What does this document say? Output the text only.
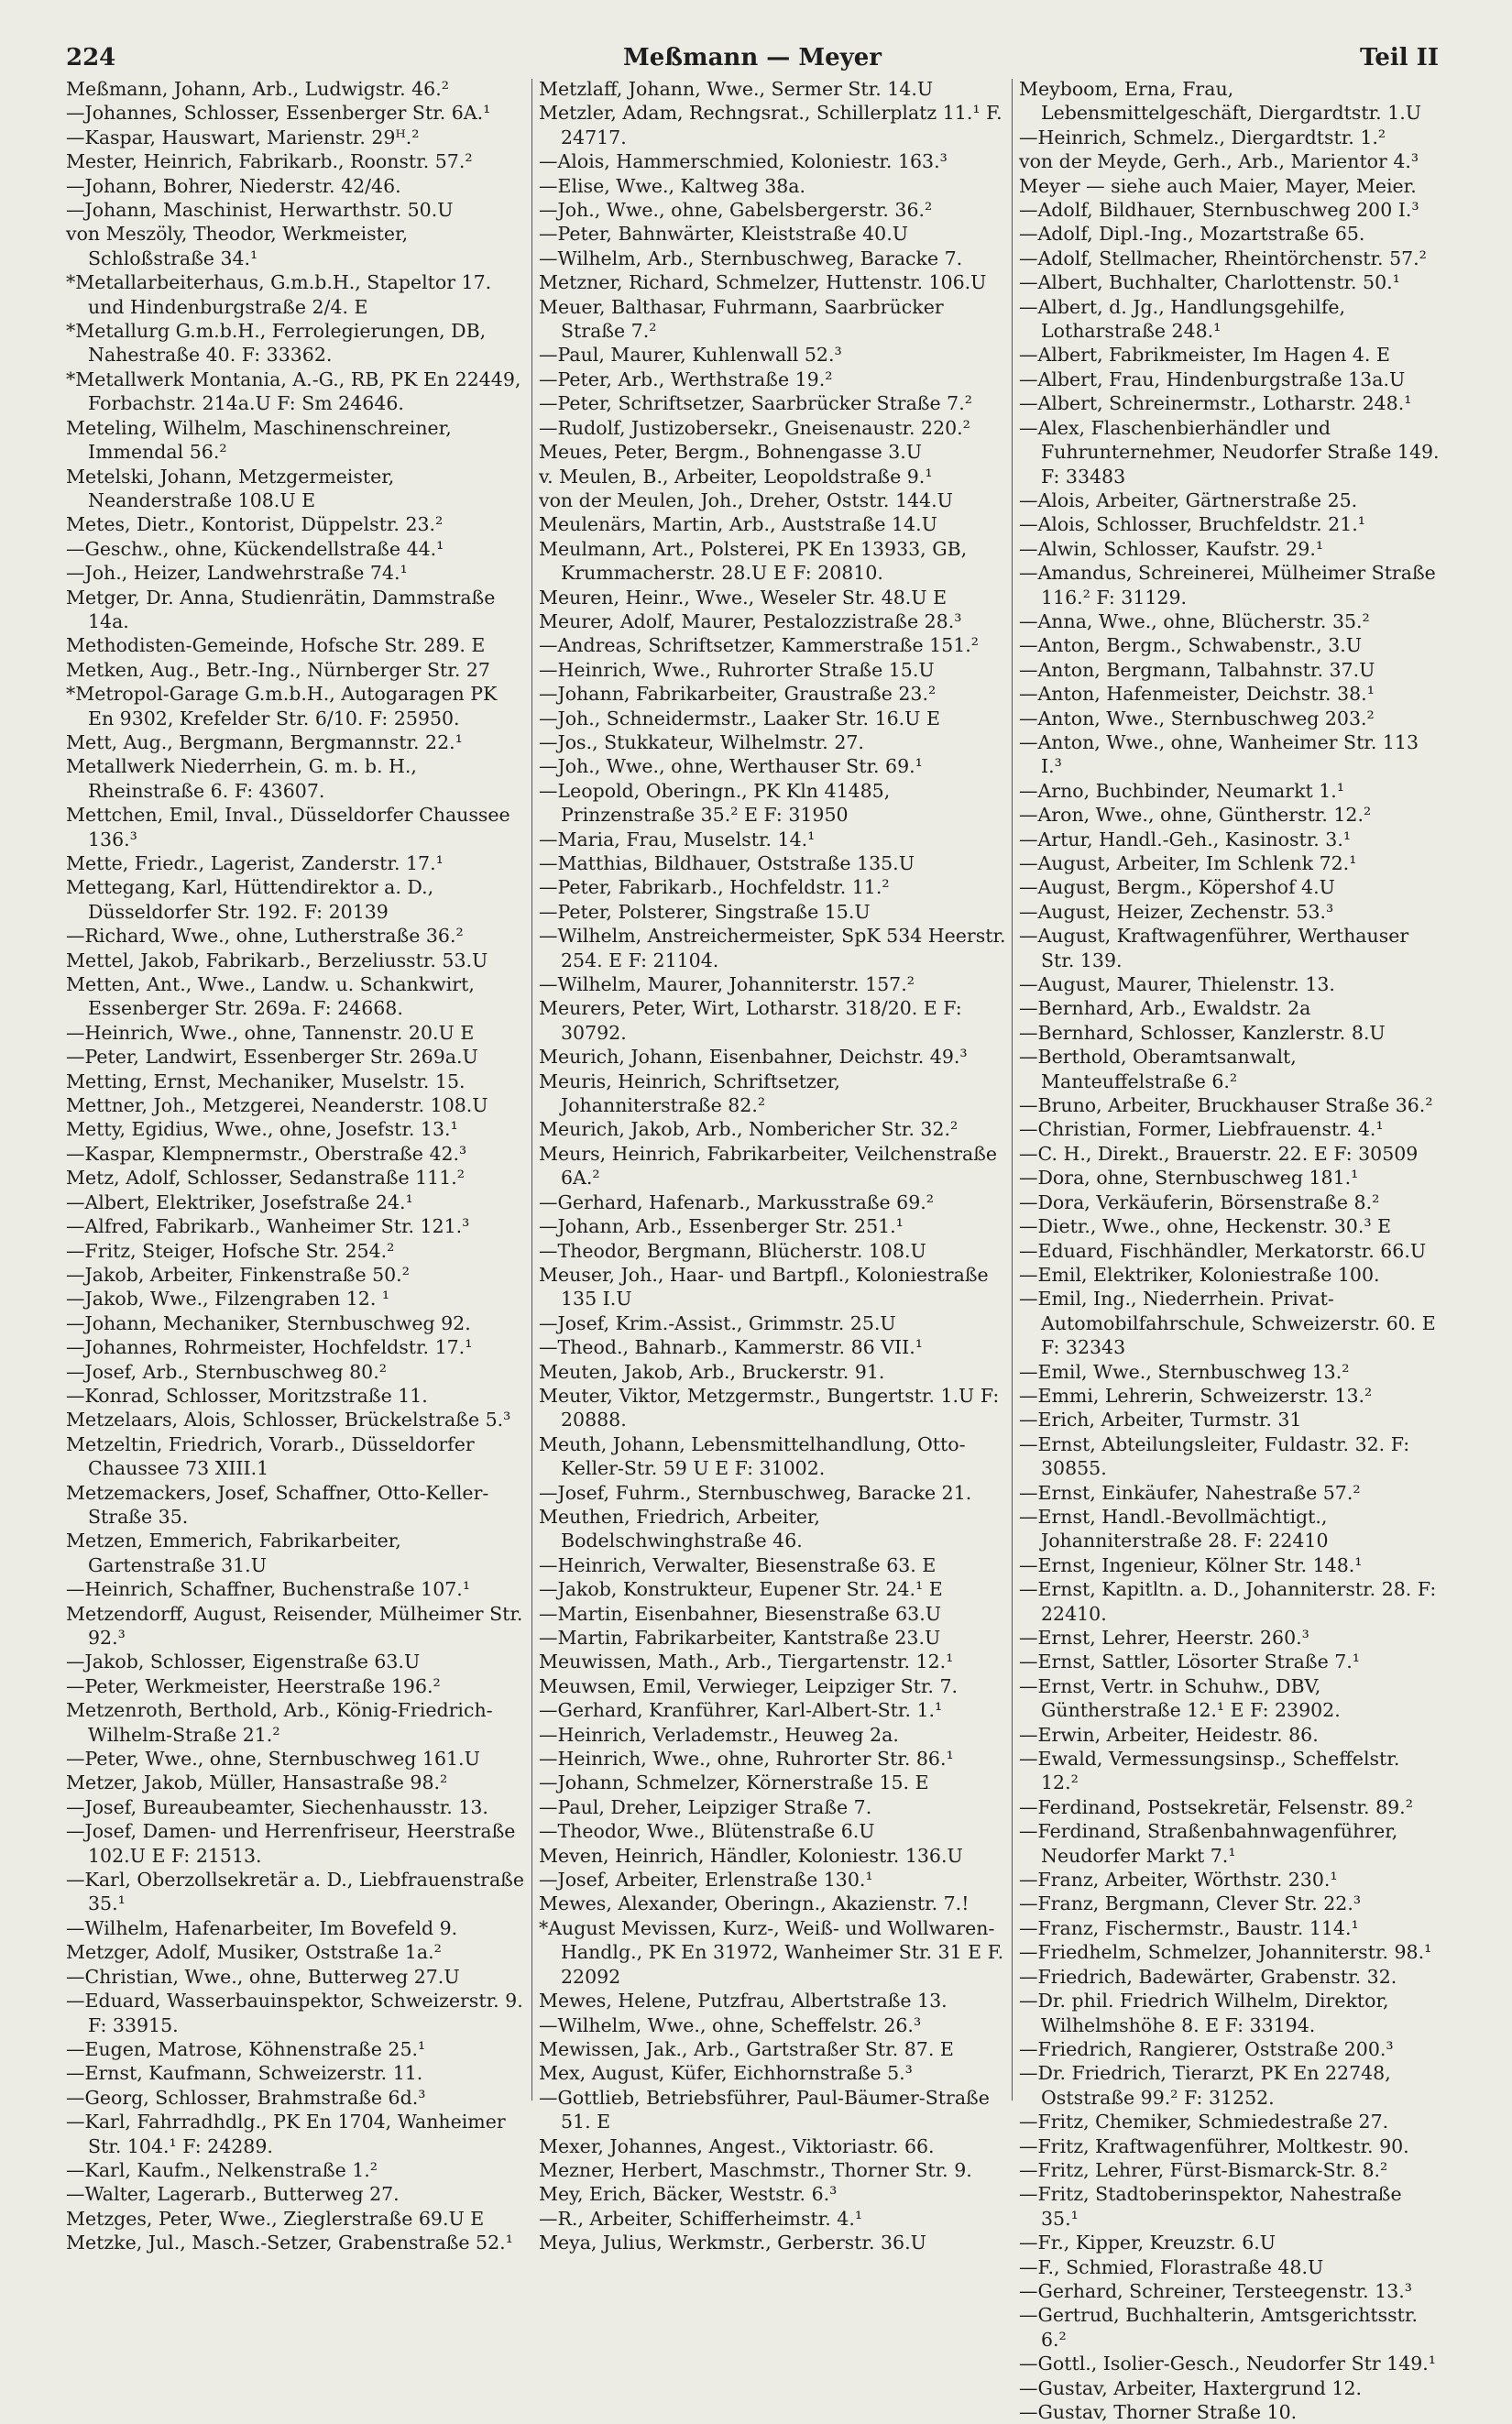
224	Meßmann — Meyer	Teil II
Meßmann, Johann, Arb., Ludwigstr. 46.²
—Johannes, Schlosser, Essenberger Str. 6A.¹
—Kaspar, Hauswart, Marienstr. 29ᴴ.²
Mester, Heinrich, Fabrikarb., Roonstr. 57.²
—Johann, Bohrer, Niederstr. 42/46.
—Johann, Maschinist, Herwarthstr. 50.U
von Meszöly, Theodor, Werkmeister, Schloßstraße 34.¹
*Metallarbeiterhaus, G.m.b.H., Stapeltor 17. und Hindenburgstraße 2/4. E
*Metallurg G.m.b.H., Ferrolegierungen, DB, Nahestraße 40. F: 33362.
*Metallwerk Montania, A.-G., RB, PK En 22449, Forbachstr. 214a.U F: Sm 24646.
Meteling, Wilhelm, Maschinenschreiner, Immendal 56.²
Metelski, Johann, Metzgermeister, Neanderstraße 108.U E
Metes, Dietr., Kontorist, Düppelstr. 23.²
—Geschw., ohne, Kückendellstraße 44.¹
—Joh., Heizer, Landwehrstraße 74.¹
Metger, Dr. Anna, Studienrätin, Dammstraße 14a.
Methodisten-Gemeinde, Hofsche Str. 289. E
Metken, Aug., Betr.-Ing., Nürnberger Str. 27
*Metropol-Garage G.m.b.H., Autogaragen PK En 9302, Krefelder Str. 6/10. F: 25950.
Mett, Aug., Bergmann, Bergmannstr. 22.¹
Metallwerk Niederrhein, G. m. b. H., Rheinstraße 6. F: 43607.
Mettchen, Emil, Inval., Düsseldorfer Chaussee 136.³
Mette, Friedr., Lagerist, Zanderstr. 17.¹
Mettegang, Karl, Hüttendirektor a. D., Düsseldorfer Str. 192. F: 20139
—Richard, Wwe., ohne, Lutherstraße 36.²
Mettel, Jakob, Fabrikarb., Berzeliusstr. 53.U
Metten, Ant., Wwe., Landw. u. Schankwirt, Essenberger Str. 269a. F: 24668.
—Heinrich, Wwe., ohne, Tannenstr. 20.U E
—Peter, Landwirt, Essenberger Str. 269a.U
Metting, Ernst, Mechaniker, Muselstr. 15.
Mettner, Joh., Metzgerei, Neanderstr. 108.U
Metty, Egidius, Wwe., ohne, Josefstr. 13.¹
—Kaspar, Klempnermstr., Oberstraße 42.³
Metz, Adolf, Schlosser, Sedanstraße 111.²
—Albert, Elektriker, Josefstraße 24.¹
—Alfred, Fabrikarb., Wanheimer Str. 121.³
—Fritz, Steiger, Hofsche Str. 254.²
—Jakob, Arbeiter, Finkenstraße 50.²
—Jakob, Wwe., Filzengraben 12. ¹
—Johann, Mechaniker, Sternbuschweg 92.
—Johannes, Rohrmeister, Hochfeldstr. 17.¹
—Josef, Arb., Sternbuschweg 80.²
—Konrad, Schlosser, Moritzstraße 11.
Metzelaars, Alois, Schlosser, Brückelstraße 5.³
Metzeltin, Friedrich, Vorarb., Düsseldorfer Chaussee 73 XIII.1
Metzemackers, Josef, Schaffner, Otto-Keller-Straße 35.
Metzen, Emmerich, Fabrikarbeiter, Gartenstraße 31.U
—Heinrich, Schaffner, Buchenstraße 107.¹
Metzendorff, August, Reisender, Mülheimer Str. 92.³
—Jakob, Schlosser, Eigenstraße 63.U
—Peter, Werkmeister, Heerstraße 196.²
Metzenroth, Berthold, Arb., König-Friedrich-Wilhelm-Straße 21.²
—Peter, Wwe., ohne, Sternbuschweg 161.U
Metzer, Jakob, Müller, Hansastraße 98.²
—Josef, Bureaubeamter, Siechenhausstr. 13.
—Josef, Damen- und Herrenfriseur, Heerstraße 102.U E F: 21513.
—Karl, Oberzollsekretär a. D., Liebfrauenstraße 35.¹
—Wilhelm, Hafenarbeiter, Im Bovefeld 9.
Metzger, Adolf, Musiker, Oststraße 1a.²
—Christian, Wwe., ohne, Butterweg 27.U
—Eduard, Wasserbauinspektor, Schweizerstr. 9. F: 33915.
—Eugen, Matrose, Köhnenstraße 25.¹
—Ernst, Kaufmann, Schweizerstr. 11.
—Georg, Schlosser, Brahmstraße 6d.³
—Karl, Fahrradhdlg., PK En 1704, Wanheimer Str. 104.¹ F: 24289.
—Karl, Kaufm., Nelkenstraße 1.²
—Walter, Lagerarb., Butterweg 27.
Metzges, Peter, Wwe., Zieglerstraße 69.U E
Metzke, Jul., Masch.-Setzer, Grabenstraße 52.¹
Metzlaff, Johann, Wwe., Sermer Str. 14.U
Metzler, Adam, Rechngsrat., Schillerplatz 11.¹ F. 24717.
—Alois, Hammerschmied, Koloniestr. 163.³
—Elise, Wwe., Kaltweg 38a.
—Joh., Wwe., ohne, Gabelsbergerstr. 36.²
—Peter, Bahnwärter, Kleiststraße 40.U
—Wilhelm, Arb., Sternbuschweg, Baracke 7.
Metzner, Richard, Schmelzer, Huttenstr. 106.U
Meuer, Balthasar, Fuhrmann, Saarbrücker Straße 7.²
—Paul, Maurer, Kuhlenwall 52.³
—Peter, Arb., Werthstraße 19.²
—Peter, Schriftsetzer, Saarbrücker Straße 7.²
—Rudolf, Justizobersekr., Gneisenaustr. 220.²
Meues, Peter, Bergm., Bohnengasse 3.U
v. Meulen, B., Arbeiter, Leopoldstraße 9.¹
von der Meulen, Joh., Dreher, Oststr. 144.U
Meulenärs, Martin, Arb., Auststraße 14.U
Meulmann, Art., Polsterei, PK En 13933, GB, Krummacherstr. 28.U E F: 20810.
Meuren, Heinr., Wwe., Weseler Str. 48.U E
Meurer, Adolf, Maurer, Pestalozzistraße 28.³
—Andreas, Schriftsetzer, Kammerstraße 151.²
—Heinrich, Wwe., Ruhrorter Straße 15.U
—Johann, Fabrikarbeiter, Graustraße 23.²
—Joh., Schneidermstr., Laaker Str. 16.U E
—Jos., Stukkateur, Wilhelmstr. 27.
—Joh., Wwe., ohne, Werthauser Str. 69.¹
—Leopold, Oberingn., PK Kln 41485, Prinzenstraße 35.² E F: 31950
—Maria, Frau, Muselstr. 14.¹
—Matthias, Bildhauer, Oststraße 135.U
—Peter, Fabrikarb., Hochfeldstr. 11.²
—Peter, Polsterer, Singstraße 15.U
—Wilhelm, Anstreichermeister, SpK 534 Heerstr. 254. E F: 21104.
—Wilhelm, Maurer, Johanniterstr. 157.²
Meurers, Peter, Wirt, Lotharstr. 318/20. E F: 30792.
Meurich, Johann, Eisenbahner, Deichstr. 49.³
Meuris, Heinrich, Schriftsetzer, Johanniterstraße 82.²
Meurich, Jakob, Arb., Nombericher Str. 32.²
Meurs, Heinrich, Fabrikarbeiter, Veilchenstraße 6A.²
—Gerhard, Hafenarb., Markusstraße 69.²
—Johann, Arb., Essenberger Str. 251.¹
—Theodor, Bergmann, Blücherstr. 108.U
Meuser, Joh., Haar- und Bartpfl., Koloniestraße 135 I.U
—Josef, Krim.-Assist., Grimmstr. 25.U
—Theod., Bahnarb., Kammerstr. 86 VII.¹
Meuten, Jakob, Arb., Bruckerstr. 91.
Meuter, Viktor, Metzgermstr., Bungertstr. 1.U F: 20888.
Meuth, Johann, Lebensmittelhandlung, Otto-Keller-Str. 59 U E F: 31002.
—Josef, Fuhrm., Sternbuschweg, Baracke 21.
Meuthen, Friedrich, Arbeiter, Bodelschwinghstraße 46.
—Heinrich, Verwalter, Biesenstraße 63. E
—Jakob, Konstrukteur, Eupener Str. 24.¹ E
—Martin, Eisenbahner, Biesenstraße 63.U
—Martin, Fabrikarbeiter, Kantstraße 23.U
Meuwissen, Math., Arb., Tiergartenstr. 12.¹
Meuwsen, Emil, Verwieger, Leipziger Str. 7.
—Gerhard, Kranführer, Karl-Albert-Str. 1.¹
—Heinrich, Verlademstr., Heuweg 2a.
—Heinrich, Wwe., ohne, Ruhrorter Str. 86.¹
—Johann, Schmelzer, Körnerstraße 15. E
—Paul, Dreher, Leipziger Straße 7.
—Theodor, Wwe., Blütenstraße 6.U
Meven, Heinrich, Händler, Koloniestr. 136.U
—Josef, Arbeiter, Erlenstraße 130.¹
Mewes, Alexander, Oberingn., Akazienstr. 7.!
*August Mevissen, Kurz-, Weiß- und Wollwaren-Handlg., PK En 31972, Wanheimer Str. 31 E F. 22092
Mewes, Helene, Putzfrau, Albertstraße 13.
—Wilhelm, Wwe., ohne, Scheffelstr. 26.³
Mewissen, Jak., Arb., Gartstraßer Str. 87. E
Mex, August, Küfer, Eichhornstraße 5.³
—Gottlieb, Betriebsführer, Paul-Bäumer-Straße 51. E
Mexer, Johannes, Angest., Viktoriastr. 66.
Mezner, Herbert, Maschmstr., Thorner Str. 9.
Mey, Erich, Bäcker, Weststr. 6.³
—R., Arbeiter, Schifferheimstr. 4.¹
Meya, Julius, Werkmstr., Gerberstr. 36.U
Meyboom, Erna, Frau, Lebensmittelgeschäft, Diergardtstr. 1.U
—Heinrich, Schmelz., Diergardtstr. 1.²
von der Meyde, Gerh., Arb., Marientor 4.³
Meyer — siehe auch Maier, Mayer, Meier.
—Adolf, Bildhauer, Sternbuschweg 200 I.³
—Adolf, Dipl.-Ing., Mozartstraße 65.
—Adolf, Stellmacher, Rheintörchenstr. 57.²
—Albert, Buchhalter, Charlottenstr. 50.¹
—Albert, d. Jg., Handlungsgehilfe, Lotharstraße 248.¹
—Albert, Fabrikmeister, Im Hagen 4. E
—Albert, Frau, Hindenburgstraße 13a.U
—Albert, Schreinermstr., Lotharstr. 248.¹
—Alex, Flaschenbierhändler und Fuhrunternehmer, Neudorfer Straße 149. F: 33483
—Alois, Arbeiter, Gärtnerstraße 25.
—Alois, Schlosser, Bruchfeldstr. 21.¹
—Alwin, Schlosser, Kaufstr. 29.¹
—Amandus, Schreinerei, Mülheimer Straße 116.² F: 31129.
—Anna, Wwe., ohne, Blücherstr. 35.²
—Anton, Bergm., Schwabenstr., 3.U
—Anton, Bergmann, Talbahnstr. 37.U
—Anton, Hafenmeister, Deichstr. 38.¹
—Anton, Wwe., Sternbuschweg 203.²
—Anton, Wwe., ohne, Wanheimer Str. 113 I.³
—Arno, Buchbinder, Neumarkt 1.¹
—Aron, Wwe., ohne, Güntherstr. 12.²
—Artur, Handl.-Geh., Kasinostr. 3.¹
—August, Arbeiter, Im Schlenk 72.¹
—August, Bergm., Köpershof 4.U
—August, Heizer, Zechenstr. 53.³
—August, Kraftwagenführer, Werthauser Str. 139.
—August, Maurer, Thielenstr. 13.
—Bernhard, Arb., Ewaldstr. 2a
—Bernhard, Schlosser, Kanzlerstr. 8.U
—Berthold, Oberamtsanwalt, Manteuffelstraße 6.²
—Bruno, Arbeiter, Bruckhauser Straße 36.²
—Christian, Former, Liebfrauenstr. 4.¹
—C. H., Direkt., Brauerstr. 22. E F: 30509
—Dora, ohne, Sternbuschweg 181.¹
—Dora, Verkäuferin, Börsenstraße 8.²
—Dietr., Wwe., ohne, Heckenstr. 30.³ E
—Eduard, Fischhändler, Merkatorstr. 66.U
—Emil, Elektriker, Koloniestraße 100.
—Emil, Ing., Niederrhein. Privat-Automobilfahrschule, Schweizerstr. 60. E F: 32343
—Emil, Wwe., Sternbuschweg 13.²
—Emmi, Lehrerin, Schweizerstr. 13.²
—Erich, Arbeiter, Turmstr. 31
—Ernst, Abteilungsleiter, Fuldastr. 32. F: 30855.
—Ernst, Einkäufer, Nahestraße 57.²
—Ernst, Handl.-Bevollmächtigt., Johanniterstraße 28. F: 22410
—Ernst, Ingenieur, Kölner Str. 148.¹
—Ernst, Kapitltn. a. D., Johanniterstr. 28. F: 22410.
—Ernst, Lehrer, Heerstr. 260.³
—Ernst, Sattler, Lösorter Straße 7.¹
—Ernst, Vertr. in Schuhw., DBV, Güntherstraße 12.¹ E F: 23902.
—Erwin, Arbeiter, Heidestr. 86.
—Ewald, Vermessungsinsp., Scheffelstr. 12.²
—Ferdinand, Postsekretär, Felsenstr. 89.²
—Ferdinand, Straßenbahnwagenführer, Neudorfer Markt 7.¹
—Franz, Arbeiter, Wörthstr. 230.¹
—Franz, Bergmann, Clever Str. 22.³
—Franz, Fischermstr., Baustr. 114.¹
—Friedhelm, Schmelzer, Johanniterstr. 98.¹
—Friedrich, Badewärter, Grabenstr. 32.
—Dr. phil. Friedrich Wilhelm, Direktor, Wilhelmshöhe 8. E F: 33194.
—Friedrich, Rangierer, Oststraße 200.³
—Dr. Friedrich, Tierarzt, PK En 22748, Oststraße 99.² F: 31252.
—Fritz, Chemiker, Schmiedestraße 27.
—Fritz, Kraftwagenführer, Moltkestr. 90.
—Fritz, Lehrer, Fürst-Bismarck-Str. 8.²
—Fritz, Stadtoberinspektor, Nahestraße 35.¹
—Fr., Kipper, Kreuzstr. 6.U
—F., Schmied, Florastraße 48.U
—Gerhard, Schreiner, Tersteegenstr. 13.³
—Gertrud, Buchhalterin, Amtsgerichtsstr. 6.²
—Gottl., Isolier-Gesch., Neudorfer Str 149.¹
—Gustav, Arbeiter, Haxtergrund 12.
—Gustav, Thorner Straße 10.
